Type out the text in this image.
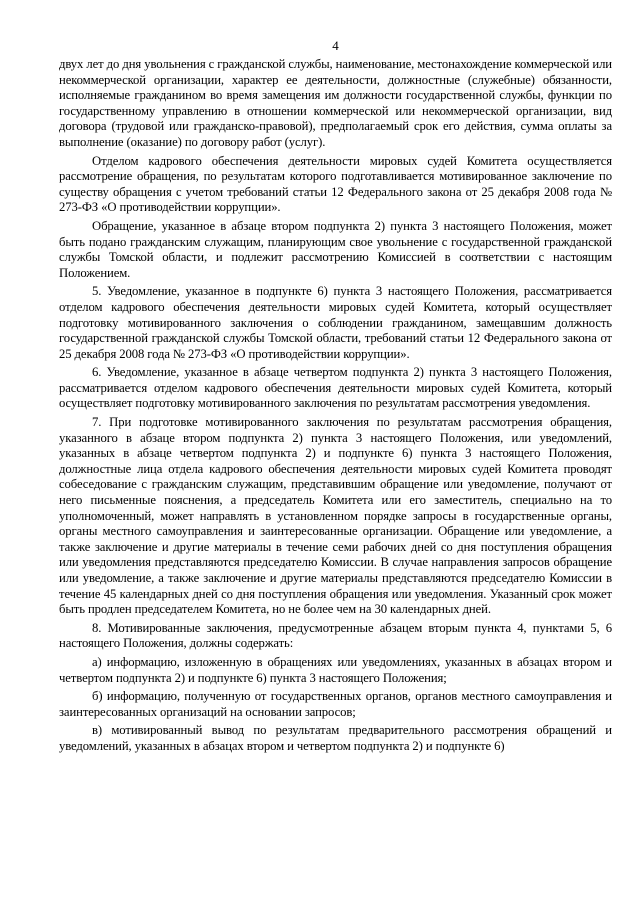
4

двух лет до дня увольнения с гражданской службы, наименование, местонахождение коммерческой или некоммерческой организации, характер ее деятельности, должностные (служебные) обязанности, исполняемые гражданином во время замещения им должности государственной службы, функции по государственному управлению в отношении коммерческой или некоммерческой организации, вид договора (трудовой или гражданско-правовой), предполагаемый срок его действия, сумма оплаты за выполнение (оказание) по договору работ (услуг).

Отделом кадрового обеспечения деятельности мировых судей Комитета осуществляется рассмотрение обращения, по результатам которого подготавливается мотивированное заключение по существу обращения с учетом требований статьи 12 Федерального закона от 25 декабря 2008 года № 273-ФЗ «О противодействии коррупции».

Обращение, указанное в абзаце втором подпункта 2) пункта 3 настоящего Положения, может быть подано гражданским служащим, планирующим свое увольнение с государственной гражданской службы Томской области, и подлежит рассмотрению Комиссией в соответствии с настоящим Положением.

5. Уведомление, указанное в подпункте 6) пункта 3 настоящего Положения, рассматривается отделом кадрового обеспечения деятельности мировых судей Комитета, который осуществляет подготовку мотивированного заключения о соблюдении гражданином, замещавшим должность государственной гражданской службы Томской области, требований статьи 12 Федерального закона от 25 декабря 2008 года № 273-ФЗ «О противодействии коррупции».

6. Уведомление, указанное в абзаце четвертом подпункта 2) пункта 3 настоящего Положения, рассматривается отделом кадрового обеспечения деятельности мировых судей Комитета, который осуществляет подготовку мотивированного заключения по результатам рассмотрения уведомления.

7. При подготовке мотивированного заключения по результатам рассмотрения обращения, указанного в абзаце втором подпункта 2) пункта 3 настоящего Положения, или уведомлений, указанных в абзаце четвертом подпункта 2) и подпункте 6) пункта 3 настоящего Положения, должностные лица отдела кадрового обеспечения деятельности мировых судей Комитета проводят собеседование с гражданским служащим, представившим обращение или уведомление, получают от него письменные пояснения, а председатель Комитета или его заместитель, специально на то уполномоченный, может направлять в установленном порядке запросы в государственные органы, органы местного самоуправления и заинтересованные организации. Обращение или уведомление, а также заключение и другие материалы в течение семи рабочих дней со дня поступления обращения или уведомления представляются председателю Комиссии. В случае направления запросов обращение или уведомление, а также заключение и другие материалы представляются председателю Комиссии в течение 45 календарных дней со дня поступления обращения или уведомления. Указанный срок может быть продлен председателем Комитета, но не более чем на 30 календарных дней.

8. Мотивированные заключения, предусмотренные абзацем вторым пункта 4, пунктами 5, 6 настоящего Положения, должны содержать:

а) информацию, изложенную в обращениях или уведомлениях, указанных в абзацах втором и четвертом подпункта 2) и подпункте 6) пункта 3 настоящего Положения;

б) информацию, полученную от государственных органов, органов местного самоуправления и заинтересованных организаций на основании запросов;

в) мотивированный вывод по результатам предварительного рассмотрения обращений и уведомлений, указанных в абзацах втором и четвертом подпункта 2) и подпункте 6)
